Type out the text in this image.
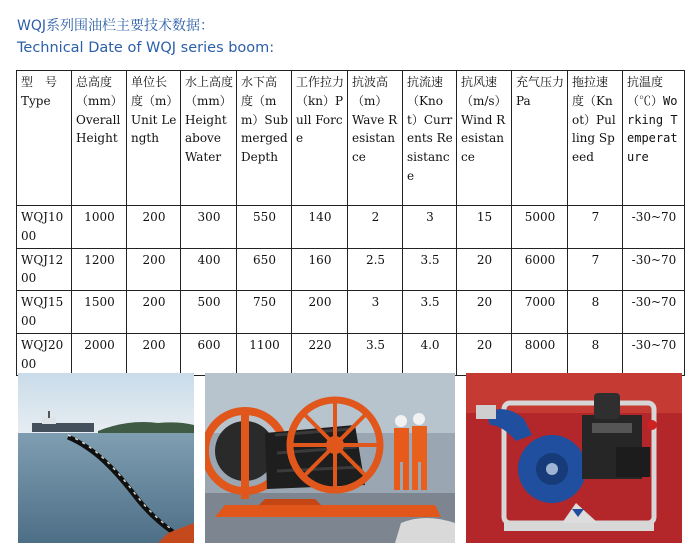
WQJ系列围油栏主要技术数据：
Technical Date of WQJ series boom:
型　号 Type	总高度（mm）Overall Height	单位长度（m）Unit Length	水上高度（mm）Height above Water	水下高度（mm）Submerged Depth	工作拉力（kn）Pull Force	抗波高（m）Wave Resistance	抗流速（Knot）Currents Resistance	抗风速（m/s）Wind Resistance	充气压力 Pa	拖拉速度（Knot）Pulling Speed	抗温度（℃）Working Temperature
WQJ1000	1000	200	300	550	140	2	3	15	5000	7	-30~70
WQJ1200	1200	200	400	650	160	2.5	3.5	20	6000	7	-30~70
WQJ1500	1500	200	500	750	200	3	3.5	20	7000	8	-30~70
WQJ2000	2000	200	600	1100	220	3.5	4.0	20	8000	8	-30~70
